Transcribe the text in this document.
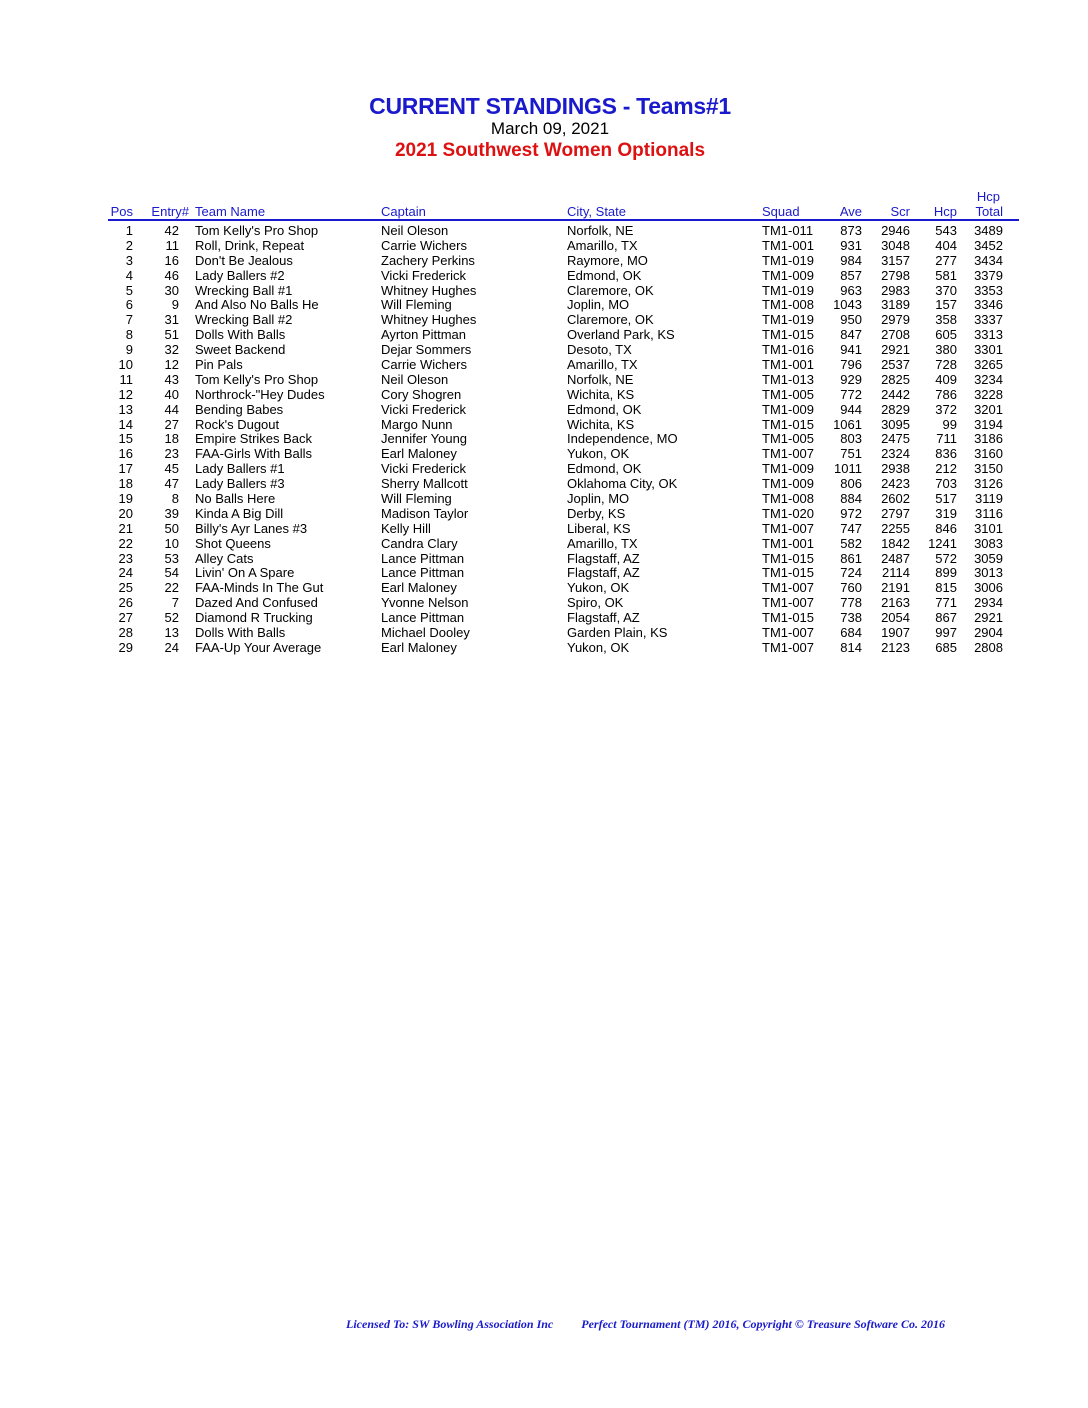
CURRENT STANDINGS - Teams#1
March 09, 2021
2021 Southwest Women Optionals
Pos Entry# Team Name	Captain	City, State	Squad	Ave Scr Hcp
Hcp
Total
1 42 Tom Kelly's Pro Shop	Neil Oleson	Norfolk, NE	TM1-011 873 2946 543 3489
2	11 Roll, Drink, Repeat	Carrie Wichers	Amarillo, TX	TM1-001 931 3048 404 3452
3 16 Don't Be Jealous	Zachery Perkins	Raymore, MO	TM1-019 984 3157 277 3434
4 46 Lady Ballers #2	Vicki Frederick	Edmond, OK	TM1-009 857 2798 581 3379
5 30 Wrecking Ball #1	Whitney Hughes	Claremore, OK	TM1-019 963 2983 370 3353
6	9 And Also No Balls He	Will Fleming	Joplin, MO	TM1-008 1043 3189 157 3346
7 31 Wrecking Ball #2	Whitney Hughes	Claremore, OK	TM1-019 950 2979 358 3337
8 51 Dolls With Balls	Ayrton Pittman	Overland Park, KS	TM1-015 847 2708 605 3313
9 32 Sweet Backend	Dejar Sommers	Desoto, TX	TM1-016 941 2921 380 3301
10 12 Pin Pals	Carrie Wichers	Amarillo, TX	TM1-001 796 2537 728 3265
11 43 Tom Kelly's Pro Shop	Neil Oleson	Norfolk, NE	TM1-013 929 2825 409 3234
12 40 Northrock-"Hey Dudes	Cory Shogren	Wichita, KS	TM1-005 772 2442 786 3228
13 44 Bending Babes	Vicki Frederick	Edmond, OK	TM1-009 944 2829 372 3201
14 27 Rock's Dugout	Margo Nunn	Wichita, KS	TM1-015 1061 3095	99 3194
15 18 Empire Strikes Back	Jennifer Young	Independence, MO	TM1-005 803 2475 711 3186
16 23 FAA-Girls With Balls	Earl Maloney	Yukon, OK	TM1-007 751 2324 836 3160
17 45 Lady Ballers #1	Vicki Frederick	Edmond, OK	TM1-009 1011 2938 212 3150
18 47 Lady Ballers #3	Sherry Mallcott	Oklahoma City, OK	TM1-009 806 2423 703 3126
19	8 No Balls Here	Will Fleming	Joplin, MO	TM1-008 884 2602 517 3119
20 39 Kinda A Big Dill	Madison Taylor	Derby, KS	TM1-020 972 2797 319 3116
21 50 Billy's Ayr Lanes #3	Kelly Hill	Liberal, KS	TM1-007 747 2255 846 3101
22 10 Shot Queens	Candra Clary	Amarillo, TX	TM1-001 582 1842 1241 3083
23 53 Alley Cats	Lance Pittman	Flagstaff, AZ	TM1-015 861 2487 572 3059
24 54 Livin' On A Spare	Lance Pittman	Flagstaff, AZ	TM1-015 724 2114 899 3013
25 22 FAA-Minds In The Gut	Earl Maloney	Yukon, OK	TM1-007 760 2191 815 3006
26	7 Dazed And Confused	Yvonne Nelson	Spiro, OK	TM1-007 778 2163 771 2934
27 52 Diamond R Trucking	Lance Pittman	Flagstaff, AZ	TM1-015 738 2054 867 2921
28 13 Dolls With Balls	Michael Dooley	Garden Plain, KS	TM1-007 684 1907 997 2904
29 24 FAA-Up Your Average	Earl Maloney	Yukon, OK	TM1-007 814 2123 685 2808
Licensed To: SW Bowling Association Inc Perfect Tournament (TM) 2016, Copyright © Treasure Software Co. 2016
